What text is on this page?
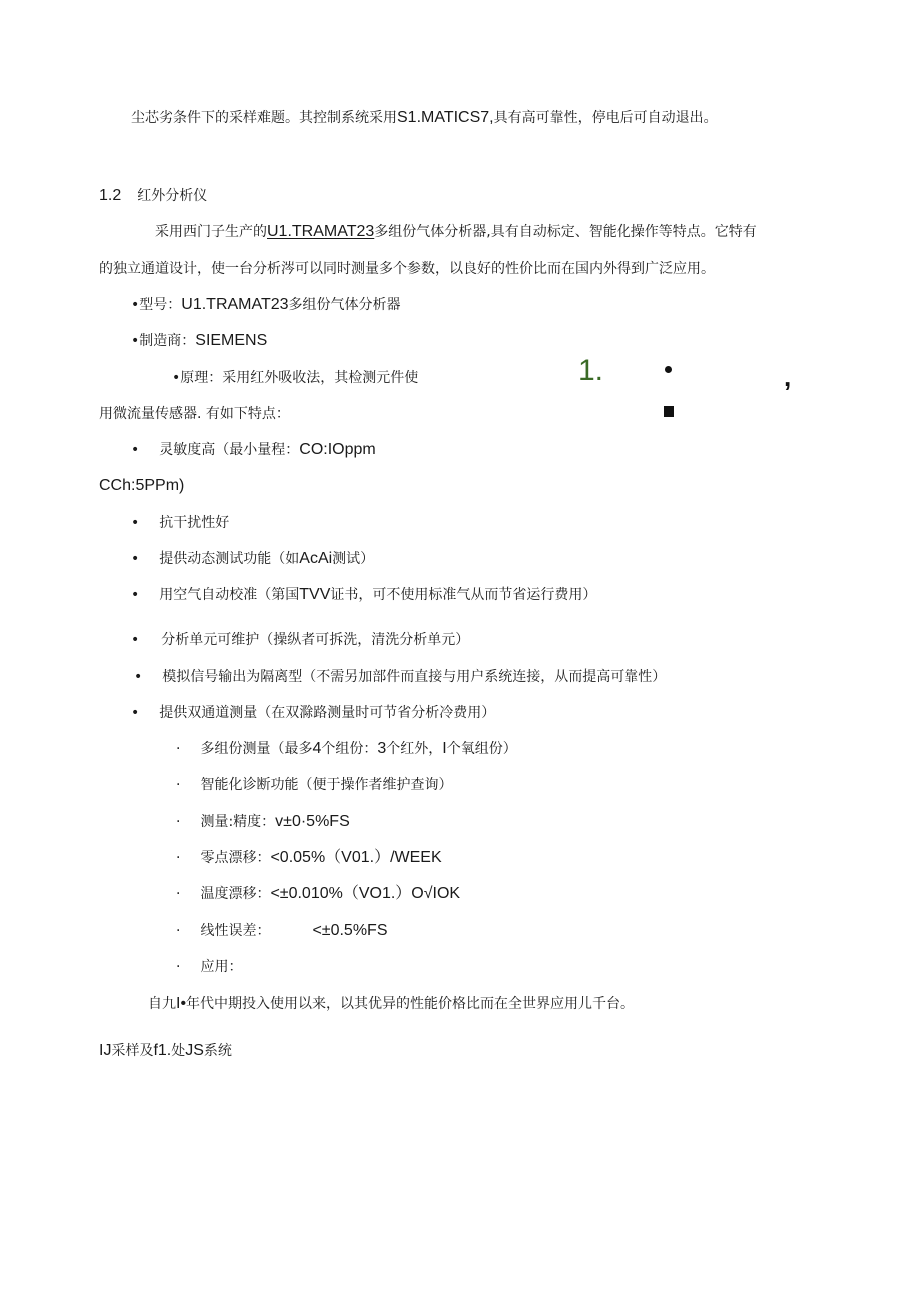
尘芯劣条件下的采样难题。其控制系统采用S1.MATICS7,具有高可靠性，停电后可自动退出。
1.2 红外分析仪
采用西门子生产的U1.TRAMAT23多组份气体分析器,具有自动标定、智能化操作等特点。它特有
的独立通道设计，使一台分析涔可以同时测量多个参数，以良好的性价比而在国内外得到广泛应用。
•型号：U1.TRAMAT23多组份气体分析器
•制造商：SIEMENS
•原理：采用红外吸收法，其检测元件使
用微流量传感器. 有如下特点：
1.	,
• 灵敏度高（最小量程：CO:IOppm
CCh:5PPm)
• 抗干扰性好
• 提供动态测试功能（如AcAi测试）
• 用空气自动校准（第国TVV证书，可不使用标准气从而节省运行费用）
• 分析单元可维护（操纵者可拆洗，清洗分析单元）
• 模拟信号输出为隔离型（不需另加部件而直接与用户系统连接，从而提高可靠性）
• 提供双通道测量（在双滁路测量时可节省分析冷费用）
· 多组份测量（最多4个组份：3个红外，I个氧组份）
· 智能化诊断功能（便于操作者维护查询）
· 测量:精度：v±0·5%FS
· 零点漂移：<0.05%（V01.）/WEEK
· 温度漂移：<±0.010%（VO1.）O√IOK
· 线性误差：	<±0.5%FS
· 应用：
自九I•年代中期投入使用以来，以其优异的性能价格比而在全世界应用儿千台。
IJ采样及f1.处JS系统
